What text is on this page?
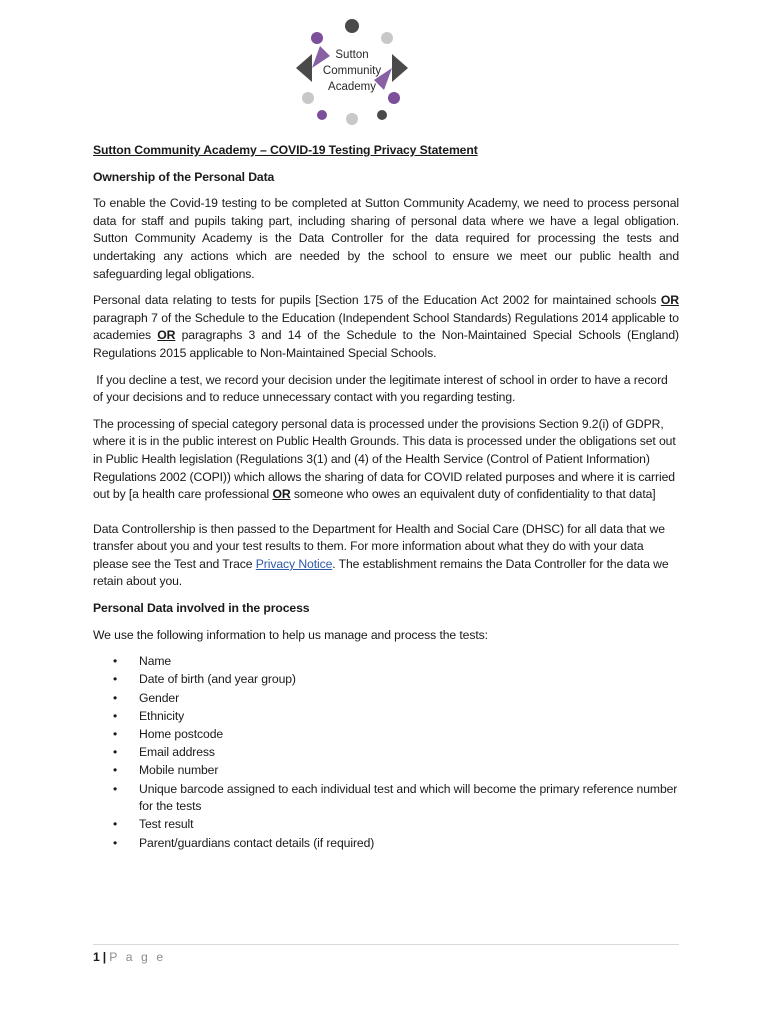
Sutton
Community
Academy

Sutton Community Academy – COVID-19 Testing Privacy Statement

Ownership of the Personal Data

To enable the Covid-19 testing to be completed at Sutton Community Academy, we need to process personal data for staff and pupils taking part, including sharing of personal data where we have a legal obligation. Sutton Community Academy is the Data Controller for the data required for processing the tests and undertaking any actions which are needed by the school to ensure we meet our public health and safeguarding legal obligations.

Personal data relating to tests for pupils [Section 175 of the Education Act 2002 for maintained schools OR paragraph 7 of the Schedule to the Education (Independent School Standards) Regulations 2014 applicable to academies OR paragraphs 3 and 14 of the Schedule to the Non-Maintained Special Schools (England) Regulations 2015 applicable to Non-Maintained Special Schools.

If you decline a test, we record your decision under the legitimate interest of school in order to have a record of your decisions and to reduce unnecessary contact with you regarding testing.

The processing of special category personal data is processed under the provisions Section 9.2(i) of GDPR, where it is in the public interest on Public Health Grounds. This data is processed under the obligations set out in Public Health legislation (Regulations 3(1) and (4) of the Health Service (Control of Patient Information) Regulations 2002 (COPI)) which allows the sharing of data for COVID related purposes and where it is carried out by [a health care professional OR someone who owes an equivalent duty of confidentiality to that data]

Data Controllership is then passed to the Department for Health and Social Care (DHSC) for all data that we transfer about you and your test results to them. For more information about what they do with your data please see the Test and Trace Privacy Notice. The establishment remains the Data Controller for the data we retain about you.

Personal Data involved in the process

We use the following information to help us manage and process the tests:

• Name
• Date of birth (and year group)
• Gender
• Ethnicity
• Home postcode
• Email address
• Mobile number
• Unique barcode assigned to each individual test and which will become the primary reference number for the tests
• Test result
• Parent/guardians contact details (if required)
1 | P a g e
